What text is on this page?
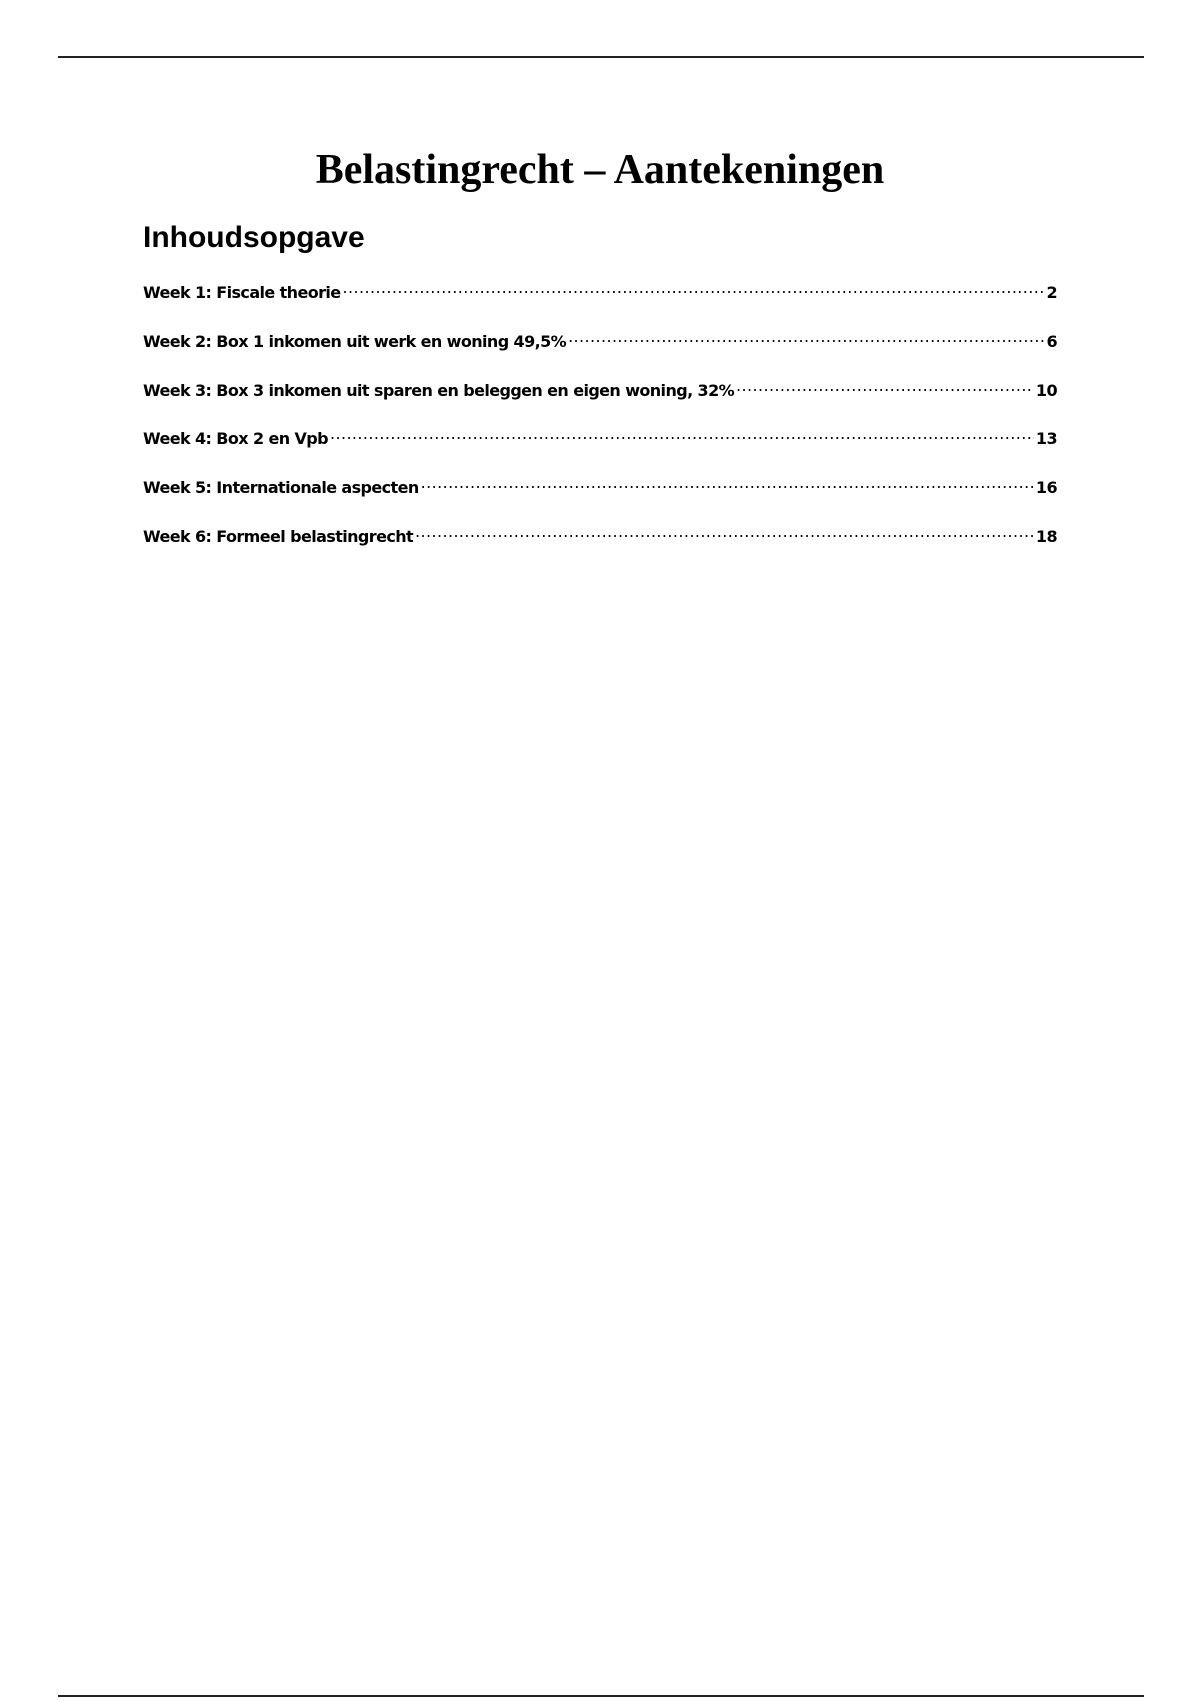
Belastingrecht – Aantekeningen
Inhoudsopgave
Week 1: Fiscale theorie .....	2
Week 2: Box 1 inkomen uit werk en woning 49,5% .....	6
Week 3: Box 3 inkomen uit sparen en beleggen en eigen woning, 32% .....	10
Week 4: Box 2 en Vpb .....	13
Week 5: Internationale aspecten .....	16
Week 6: Formeel belastingrecht .....	18
